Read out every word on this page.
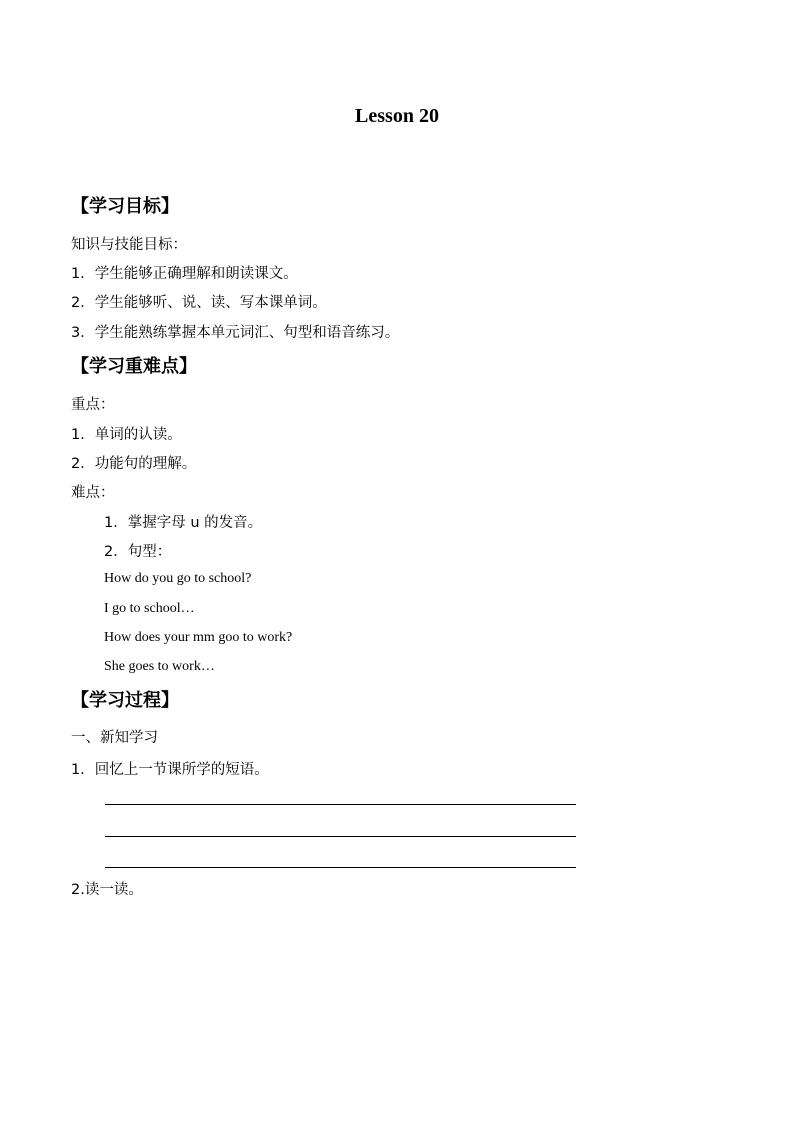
Lesson 20
【学习目标】
知识与技能目标：
1．学生能够正确理解和朗读课文。
2．学生能够听、说、读、写本课单词。
3．学生能熟练掌握本单元词汇、句型和语音练习。
【学习重难点】
重点：
1．单词的认读。
2．功能句的理解。
难点：
1．掌握字母 u 的发音。
2．句型：
How do you go to school?
I go to school…
How does your mm goo to work?
She goes to work…
【学习过程】
一、新知学习
1．回忆上一节课所学的短语。
2.读一读。
